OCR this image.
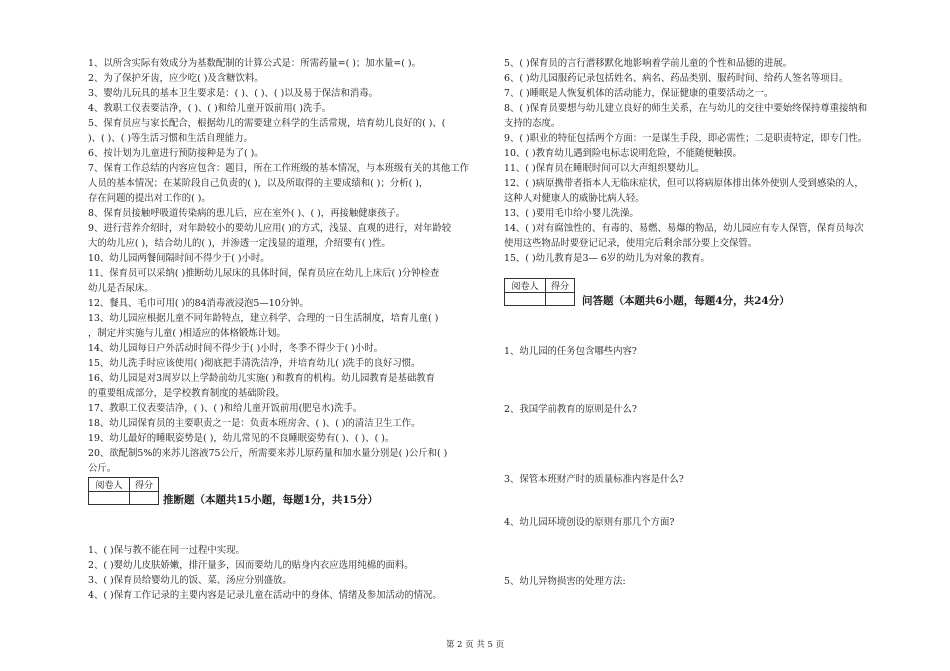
1、以所含实际有效成分为基数配制的计算公式是：所需药量=( )；加水量=( )。
2、为了保护牙齿，应少吃( )及含糖饮料。
3、婴幼儿玩具的基本卫生要求是：( )、( )、( )以及易于保洁和消毒。
4、教职工仪表要洁净，( )、( )和给儿童开饭前用( )洗手。
5、保育员应与家长配合，根据幼儿的需要建立科学的生活常规，培育幼儿良好的( )、(
)、( )、( )等生活习惯和生活自理能力。
6、按计划为儿童进行预防接种是为了( )。
7、保育工作总结的内容应包含：题目，所在工作班级的基本情况，与本班级有关的其他工作
人员的基本情况；在某阶段自己负责的( )，以及所取得的主要成绩和( )；分析( )，
存在问题的提出对工作的( )。
8、保育员接触呼吸道传染病的患儿后，应在室外( )、( )，再接触健康孩子。
9、进行营养介绍时，对年龄较小的要幼儿应用( )的方式，浅显、直观的进行，对年龄较
大的幼儿应( )，结合幼儿的( )，并渗透一定浅显的道理，介绍要有( )性。
10、幼儿园两餐间隔时间不得少于( )小时。
11、保育员可以采纳( )推断幼儿尿床的具体时间，保育员应在幼儿上床后( )分钟检查
幼儿是否尿床。
12、餐具、毛巾可用( )的84消毒液浸泡5—10分钟。
13、幼儿园应根据儿童不同年龄特点，建立科学、合理的一日生活制度，培育儿童( )
，制定并实施与儿童( )相适应的体格锻炼计划。
14、幼儿园每日户外活动时间不得少于( )小时，冬季不得少于( )小时。
15、幼儿洗手时应该使用( )彻底把手清洗洁净，并培育幼儿( )洗手的良好习惯。
16、幼儿园是对3周岁以上学龄前幼儿实施( )和教育的机构。幼儿园教育是基础教育
的重要组成部分，是学校教育制度的基础阶段。
17、教职工仪表要洁净，( )、( )和给儿童开饭前用(肥皂水)洗手。
18、幼儿园保育员的主要职责之一是：负责本班房舍、( )、( )的清洁卫生工作。
19、幼儿最好的睡眠姿势是( )，幼儿常见的不良睡眠姿势有( )、( )、( )。
20、欲配制5%的来苏儿溶液75公斤，所需要来苏儿原药量和加水量分别是( )公斤和( )
公斤。
阅卷人	得分

推断题（本题共15小题，每题1分，共15分）
1、( )保与教不能在同一过程中实现。
2、( )婴幼儿皮肤娇嫩，排汗量多，因而要幼儿的贴身内衣应选用纯棉的面料。
3、( )保育员给婴幼儿的饭、菜、汤应分别盛放。
4、( )保育工作记录的主要内容是记录儿童在活动中的身体、情绪及参加活动的情况。
5、( )保育员的言行潜移默化地影响着学前儿童的个性和品德的进展。
6、( )幼儿园服药记录包括姓名、病名、药品类别、服药时间、给药人签名等项目。
7、( )睡眠是人恢复机体的活动能力，保证健康的重要活动之一。
8、( )保育员要想与幼儿建立良好的师生关系，在与幼儿的交往中要始终保持尊重接纳和
支持的态度。
9、( )职业的特征包括两个方面：一是谋生手段，即必需性；二是职责特定，即专门性。
10、( )教育幼儿遇到险电标志说明危险，不能随便触摸。
11、( )保育员在睡眠时间可以大声组织婴幼儿。
12、( )病原携带者指本人无临床症状，但可以将病原体排出体外使别人受到感染的人，
这种人对健康人的威胁比病人轻。
13、( )要用毛巾给小婴儿洗澡。
14、( )对有腐蚀性的、有毒的、易燃、易爆的物品，幼儿园应有专人保管，保育员每次
使用这些物品时要登记记录，使用完后剩余部分要上交保管。
15、( )幼儿教育是3— 6岁的幼儿为对象的教育。
阅卷人	得分

问答题（本题共6小题，每题4分，共24分）
1、幼儿园的任务包含哪些内容?
2、我国学前教育的原则是什么?
3、保管本班财产时的质量标准内容是什么?
4、幼儿园环境创设的原则有那几个方面?
5、幼儿异物损害的处理方法:
第 2 页 共 5 页
